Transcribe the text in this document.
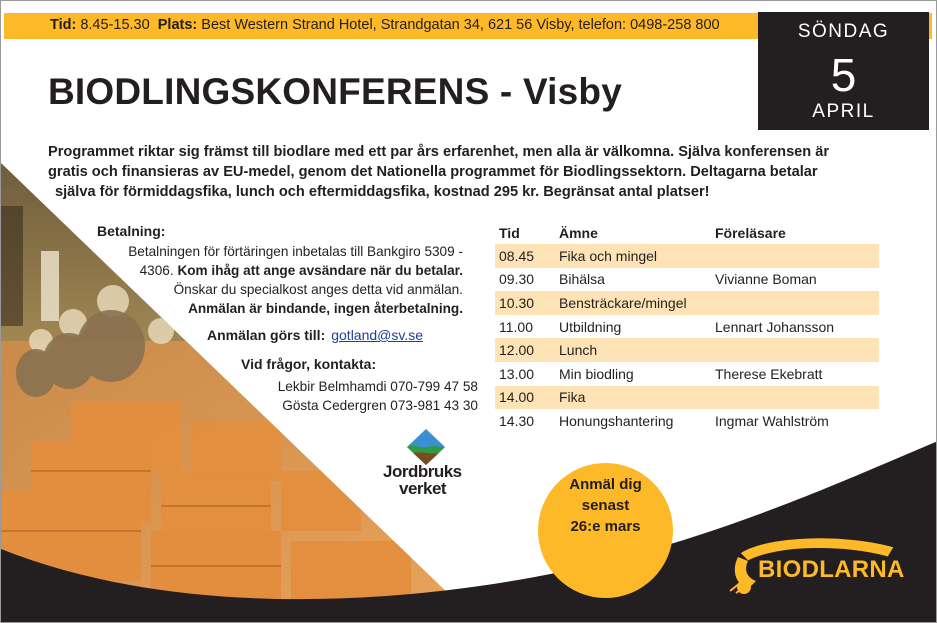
Tid: 8.45-15.30 Plats: Best Western Strand Hotel, Strandgatan 34, 621 56 Visby, telefon: 0498-258 800	SÖNDAG
5
APRIL
BIODLINGSKONFERENS - Visby
Programmet riktar sig främst till biodlare med ett par års erfarenhet, men alla är välkomna. Själva konferensen är
gratis och finansieras av EU-medel, genom det Nationella programmet för Biodlingssektorn. Deltagarna betalar
själva för förmiddagsfika, lunch och eftermiddagsfika, kostnad 295 kr. Begränsat antal platser!
Betalning:
Betalningen för förtäringen inbetalas till Bankgiro 5309 -
4306. Kom ihåg att ange avsändare när du betalar.
Önskar du specialkost anges detta vid anmälan.
Anmälan är bindande, ingen återbetalning.
Anmälan görs till: gotland@sv.se
Vid frågor, kontakta:
Lekbir Belmhamdi 070-799 47 58
Gösta Cedergren 073-981 43 30
Jordbruks
verket
Tid	Ämne	Föreläsare
08.45	Fika och mingel	
09.30	Bihälsa	Vivianne Boman
10.30	Bensträckare/mingel	
11.00	Utbildning	Lennart Johansson
12.00	Lunch	
13.00	Min biodling	Therese Ekebratt
14.00	Fika	
14.30	Honungshantering	Ingmar Wahlström
Anmäl dig
senast
26:e mars
BIODLARNA
